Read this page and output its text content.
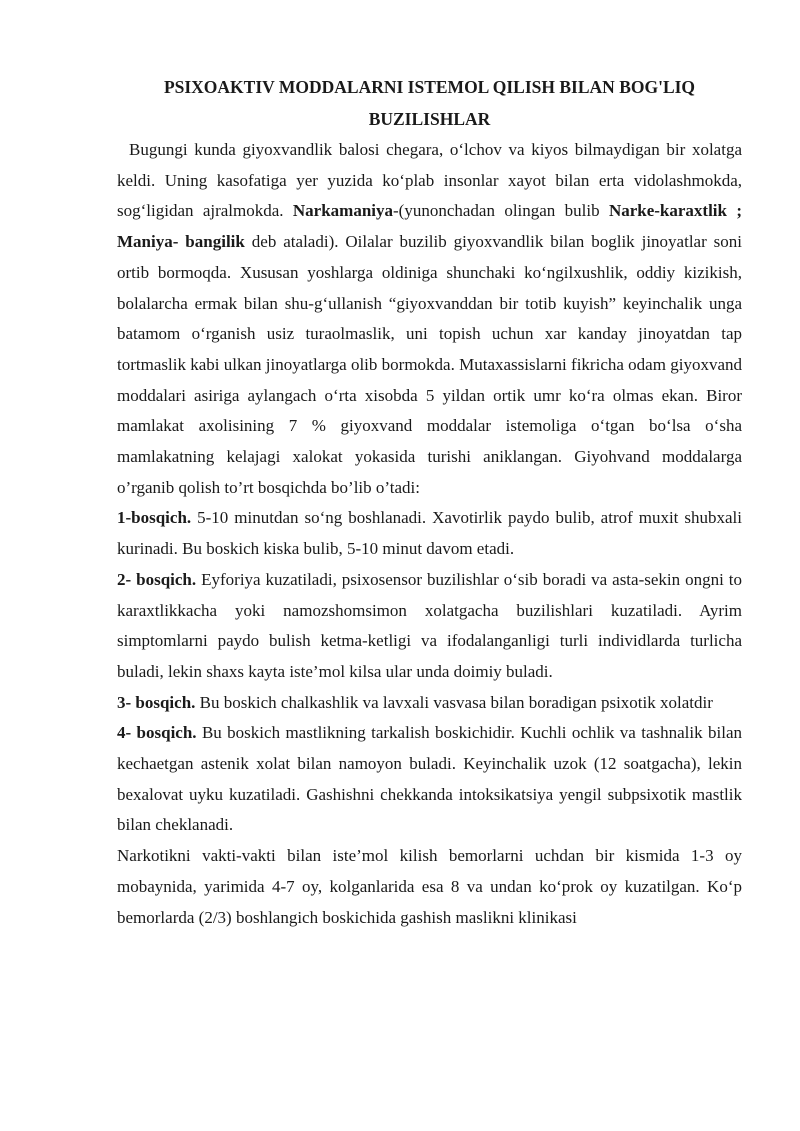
PSIXOAKTIV MODDALARNI ISTEMOL QILISH BILAN BOG'LIQ
BUZILISHLAR

Bugungi kunda giyoxvandlik balosi chegara, o‘lchov va kiyos bilmaydigan bir xolatga keldi. Uning kasofatiga yer yuzida ko‘plab insonlar xayot bilan erta vidolashmokda, sog‘ligidan ajralmokda. Narkamaniya-(yunonchadan olingan bulib Narke-karaxtlik ; Maniya- bangilik deb ataladi). Oilalar buzilib giyoxvandlik bilan boglik jinoyatlar soni ortib bormoqda. Xususan yoshlarga oldiniga shunchaki ko‘ngilxushlik, oddiy kizikish, bolalarcha ermak bilan shu-g‘ullanish “giyoxvanddan bir totib kuyish” keyinchalik unga batamom o‘rganish usiz turaolmaslik, uni topish uchun xar kanday jinoyatdan tap tortmaslik kabi ulkan jinoyatlarga olib bormokda. Mutaxassislarni fikricha odam giyoxvand moddalari asiriga aylangach o‘rta xisobda 5 yildan ortik umr ko‘ra olmas ekan. Biror mamlakat axolisining 7 % giyoxvand moddalar istemoliga o‘tgan bo‘lsa o‘sha mamlakatning kelajagi xalokat yokasida turishi aniklangan. Giyohvand moddalarga o’rganib qolish to’rt bosqichda bo’lib o’tadi:

1-bosqich. 5-10 minutdan so‘ng boshlanadi. Xavotirlik paydo bulib, atrof muxit shubxali kurinadi. Bu boskich kiska bulib, 5-10 minut davom etadi.

2- bosqich. Eyforiya kuzatiladi, psixosensor buzilishlar o‘sib boradi va asta-sekin ongni to karaxtlikkacha yoki namozshomsimon xolatgacha buzilishlari kuzatiladi. Ayrim simptomlarni paydo bulish ketma-ketligi va ifodalanganligi turli individlarda turlicha buladi, lekin shaxs kayta iste’mol kilsa ular unda doimiy buladi.

3- bosqich. Bu boskich chalkashlik va lavxali vasvasa bilan boradigan psixotik xolatdir

4- bosqich. Bu boskich mastlikning tarkalish boskichidir. Kuchli ochlik va tashnalik bilan kechaetgan astenik xolat bilan namoyon buladi. Keyinchalik uzok (12 soatgacha), lekin bexalovat uyku kuzatiladi. Gashishni chekkanda intoksikatsiya yengil subpsixotik mastlik bilan cheklanadi.

Narkotikni vakti-vakti bilan iste’mol kilish bemorlarni uchdan bir kismida 1-3 oy mobaynida, yarimida 4-7 oy, kolganlarida esa 8 va undan ko‘prok oy kuzatilgan. Ko‘p bemorlarda (2/3) boshlangich boskichida gashish maslikni klinikasi
